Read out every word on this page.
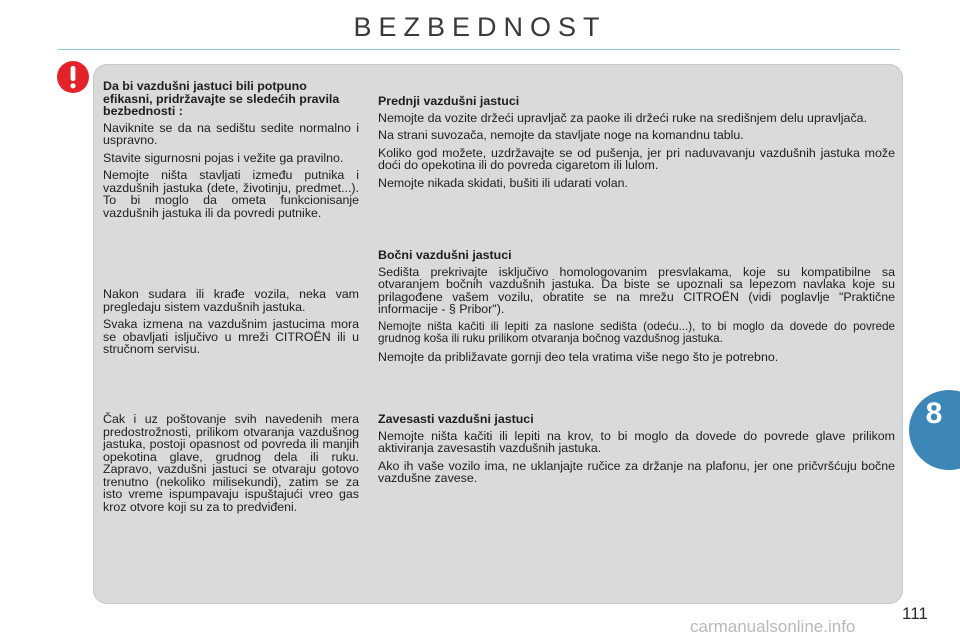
BEZBEDNOST

Da bi vazdušni jastuci bili potpuno efikasni, pridržavajte se sledećih pravila bezbednosti :

Naviknite se da na sedištu sedite normalno i uspravno.

Stavite sigurnosni pojas i vežite ga pravilno.

Nemojte ništa stavljati između putnika i vazdušnih jastuka (dete, životinju, predmet...). To bi moglo da ometa funkcionisanje vazdušnih jastuka ili da povredi putnike.

Nakon sudara ili krađe vozila, neka vam pregledaju sistem vazdušnih jastuka.

Svaka izmena na vazdušnim jastucima mora se obavljati isljučivo u mreži CITROËN ili u stručnom servisu.

Čak i uz poštovanje svih navedenih mera predostrožnosti, prilikom otvaranja vazdušnog jastuka, postoji opasnost od povreda ili manjih opekotina glave, grudnog dela ili ruku. Zapravo, vazdušni jastuci se otvaraju gotovo trenutno (nekoliko milisekundi), zatim se za isto vreme ispumpavaju ispuštajući vreo gas kroz otvore koji su za to predviđeni.

Prednji vazdušni jastuci

Nemojte da vozite držeći upravljač za paoke ili držeći ruke na središnjem delu upravljača.

Na strani suvozača, nemojte da stavljate noge na komandnu tablu.

Koliko god možete, uzdržavajte se od pušenja, jer pri naduvavanju vazdušnih jastuka može doći do opekotina ili do povreda cigaretom ili lulom.

Nemojte nikada skidati, bušiti ili udarati volan.

Bočni vazdušni jastuci

Sedišta prekrivajte isključivo homologovanim presvlakama, koje su kompatibilne sa otvaranjem bočnih vazdušnih jastuka. Da biste se upoznali sa lepezom navlaka koje su prilagođene vašem vozilu, obratite se na mrežu CITROËN (vidi poglavlje "Praktične informacije - § Pribor").

Nemojte ništa kačiti ili lepiti za naslone sedišta (odeću...), to bi moglo da dovede do povrede grudnog koša ili ruku prilikom otvaranja bočnog vazdušnog jastuka.

Nemojte da približavate gornji deo tela vratima više nego što je potrebno.

Zavesasti vazdušni jastuci

Nemojte ništa kačiti ili lepiti na krov, to bi moglo da dovede do povrede glave prilikom aktiviranja zavesastih vazdušnih jastuka.

Ako ih vaše vozilo ima, ne uklanjajte ručice za držanje na plafonu, jer one pričvršćuju bočne vazdušne zavese.

8
carmanualsonline.info
111
